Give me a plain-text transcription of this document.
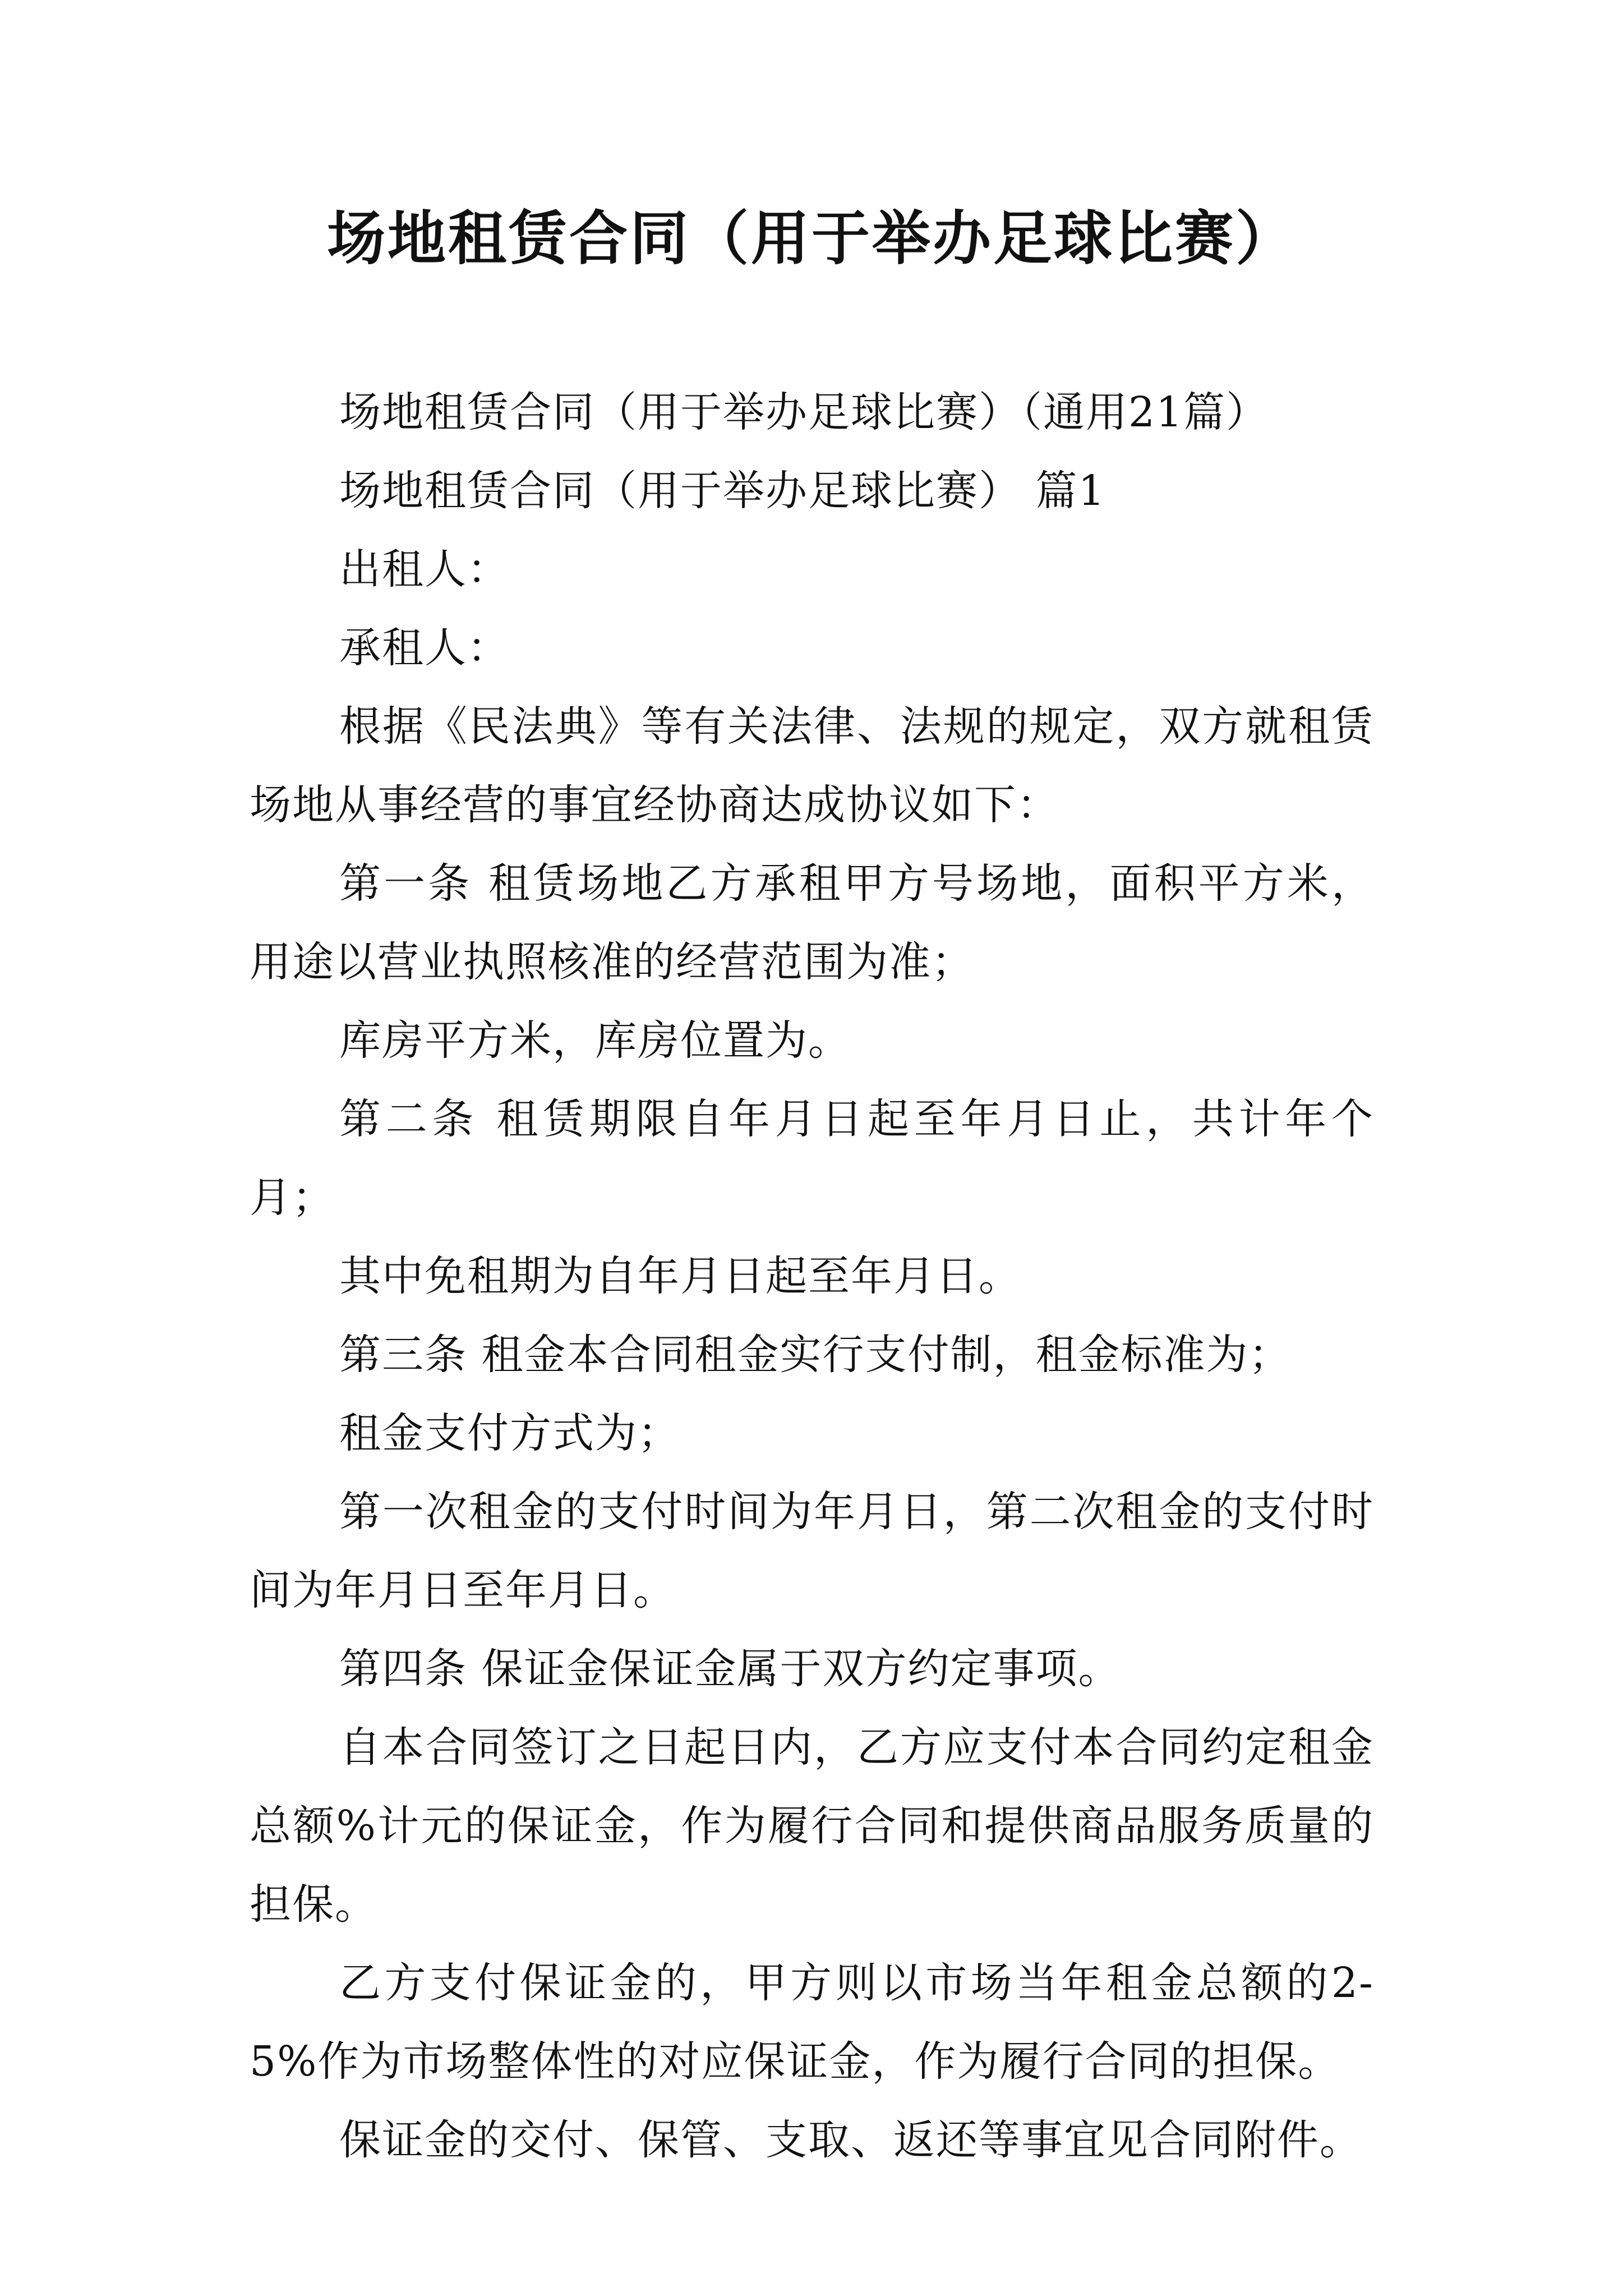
场地租赁合同（用于举办足球比赛）

场地租赁合同（用于举办足球比赛）（通用21篇）

场地租赁合同（用于举办足球比赛） 篇1

出租人：

承租人：

根据《民法典》等有关法律、法规的规定，双方就租赁场地从事经营的事宜经协商达成协议如下：

第一条 租赁场地乙方承租甲方号场地，面积平方米，用途以营业执照核准的经营范围为准；

库房平方米，库房位置为。

第二条 租赁期限自年月日起至年月日止，共计年个月；

其中免租期为自年月日起至年月日。

第三条 租金本合同租金实行支付制，租金标准为；

租金支付方式为；

第一次租金的支付时间为年月日，第二次租金的支付时间为年月日至年月日。

第四条 保证金保证金属于双方约定事项。

自本合同签订之日起日内，乙方应支付本合同约定租金总额%计元的保证金，作为履行合同和提供商品服务质量的担保。

乙方支付保证金的，甲方则以市场当年租金总额的2-5%作为市场整体性的对应保证金，作为履行合同的担保。

保证金的交付、保管、支取、返还等事宜见合同附件。
